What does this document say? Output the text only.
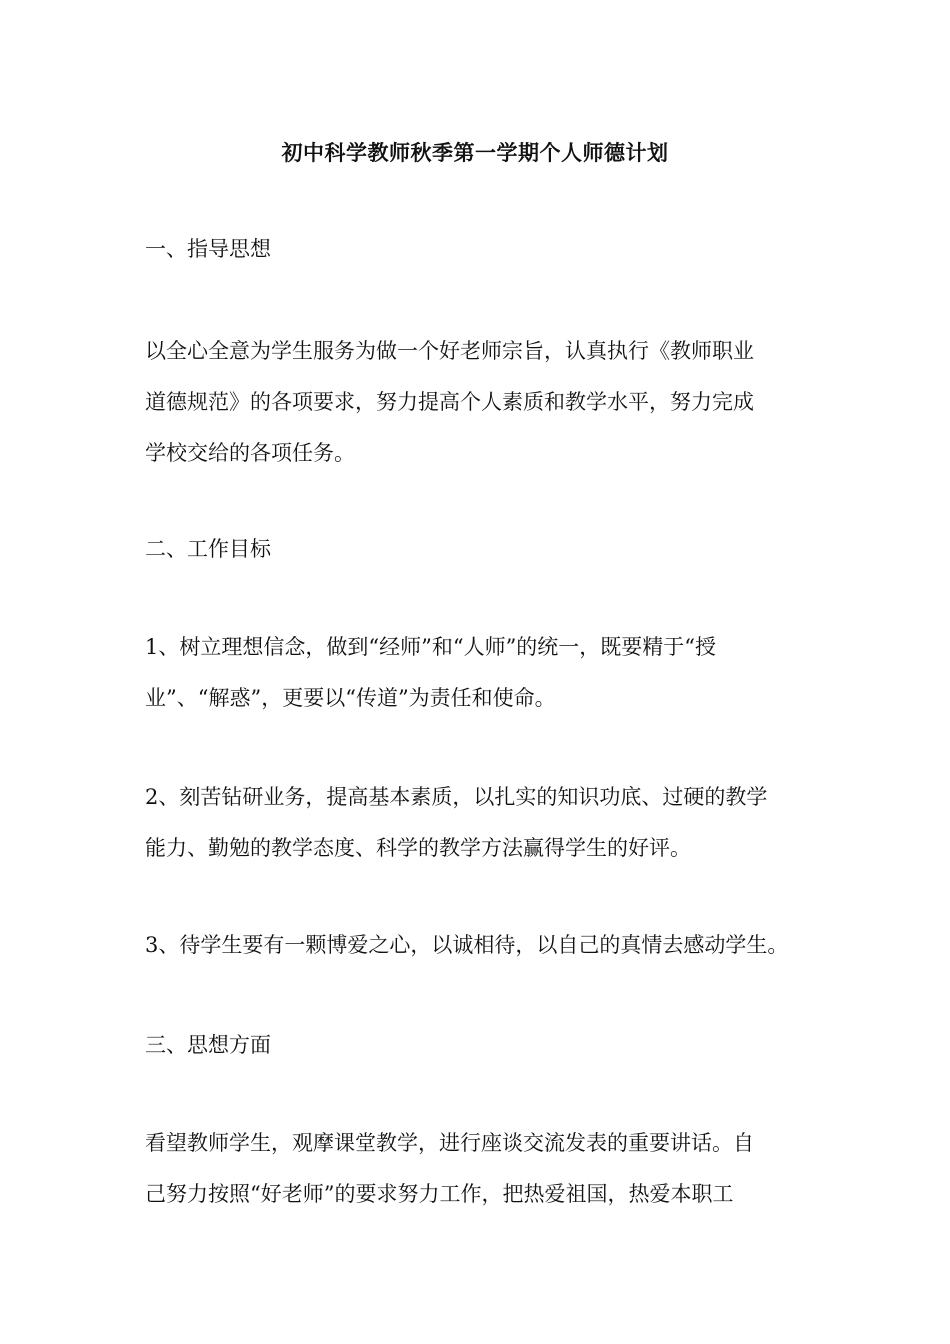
初中科学教师秋季第一学期个人师德计划
一、指导思想
以全心全意为学生服务为做一个好老师宗旨，认真执行《教师职业
道德规范》的各项要求，努力提高个人素质和教学水平，努力完成
学校交给的各项任务。
二、工作目标
1、树立理想信念，做到“经师”和“人师”的统一，既要精于“授
业”、“解惑”，更要以“传道”为责任和使命。
2、刻苦钻研业务，提高基本素质，以扎实的知识功底、过硬的教学
能力、勤勉的教学态度、科学的教学方法赢得学生的好评。
3、待学生要有一颗博爱之心，以诚相待，以自己的真情去感动学生。
三、思想方面
看望教师学生，观摩课堂教学，进行座谈交流发表的重要讲话。自
己努力按照“好老师”的要求努力工作，把热爱祖国，热爱本职工
